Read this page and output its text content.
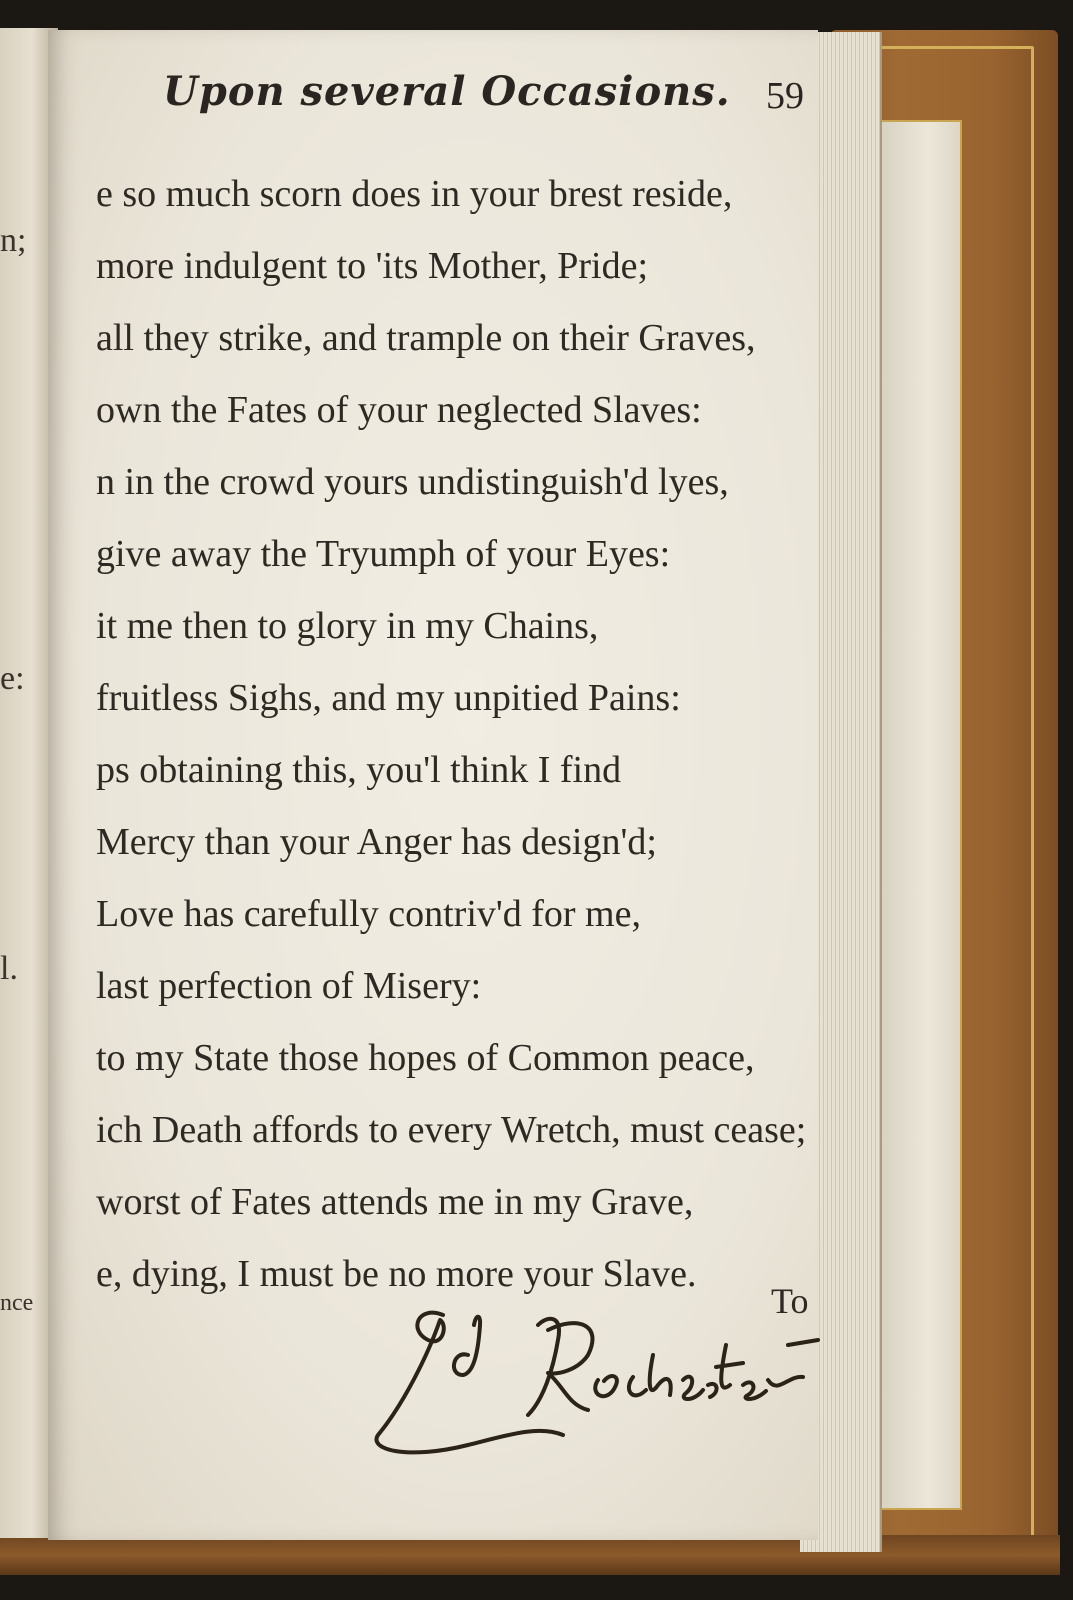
n;
e:
l.
nce
Upon several Occasions. 59
e so much scorn does in your brest reside,
more indulgent to 'its Mother, Pride;
all they strike, and trample on their Graves,
own the Fates of your neglected Slaves:
n in the crowd yours undistinguish'd lyes,
give away the Tryumph of your Eyes:
it me then to glory in my Chains,
fruitless Sighs, and my unpitied Pains:
ps obtaining this, you'l think I find
Mercy than your Anger has design'd;
Love has carefully contriv'd for me,
last perfection of Misery:
to my State those hopes of Common peace,
ich Death affords to every Wretch, must cease;
worst of Fates attends me in my Grave,
e, dying, I must be no more your Slave.
To
